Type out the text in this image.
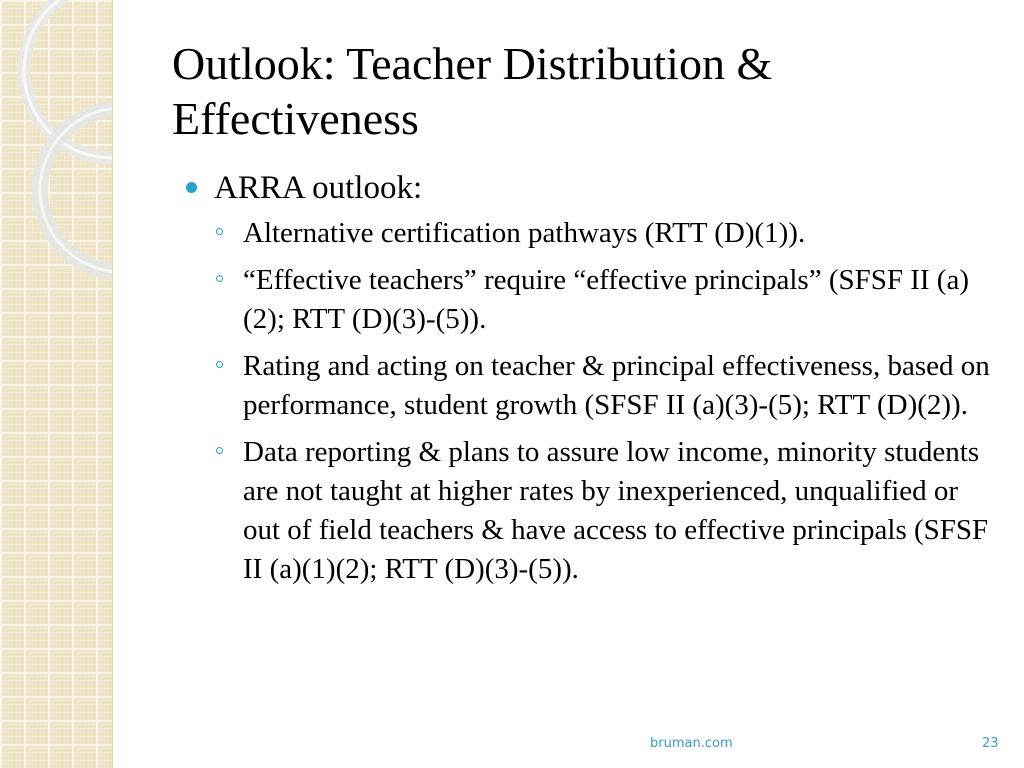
Outlook: Teacher Distribution & Effectiveness
ARRA outlook:
Alternative certification pathways (RTT (D)(1)).
“Effective teachers” require “effective principals” (SFSF II (a)(2); RTT (D)(3)-(5)).
Rating and acting on teacher & principal effectiveness, based on performance, student growth (SFSF II (a)(3)-(5); RTT (D)(2)).
Data reporting & plans to assure low income, minority students are not taught at higher rates by inexperienced, unqualified or out of field teachers & have access to effective principals (SFSF II (a)(1)(2); RTT (D)(3)-(5)).
bruman.com	23
